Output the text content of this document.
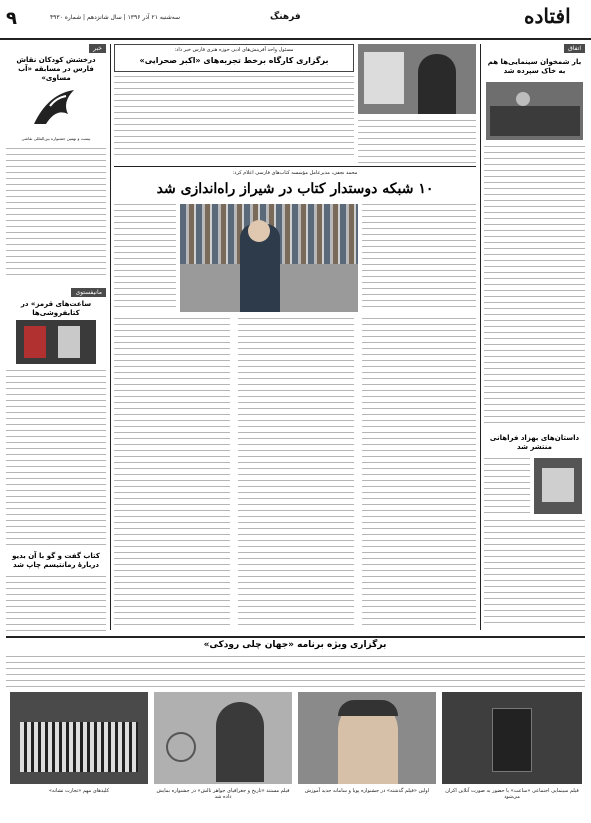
۹	سه‌شنبه ۲۱ آذر ۱۳۹۶ | سال شانزدهم | شماره ۴۹۳۰	فرهنگ	افتاده
خبر
درخشش کودکان نقاش فارس در مسابقه «آب مساوی»
بیست و نهمین جشنواره بین‌المللی نقاشی
مانیفستوی
ساعت‌های قرمز» در کتابفروشی‌ها
کتاب گفت و گو با آن بدیو دربارهٔ رمانتیسم چاپ شد
مسئول واحد آفرینش‌های ادبی حوزه هنری فارس خبر داد:
برگزاری کارگاه برخط تجربه‌های «اکبر صحرایی»
اتفاق
بار شمخوان سینمایی‌ها هم به خاک سپرده شد
داستان‌های بهزاد فراهانی منتشر شد
محمد نجفی، مدیرعامل مؤسسه کتاب‌های فارسی اعلام کرد:
۱۰ شبکه دوستدار کتاب در شیراز راه‌اندازی شد
برگزاری ویژه برنامه «جهان چلی رودکی»
کلیدهای مهم «تجارت نشانه»	فیلم مستند «تاریخ و جغرافیای جواهر تالش» در جشنواره نمایش داده شد
اولین «فیلم گذشته» در جشنواره پویا و سامانه جدید آموزش	فیلم سینمایی اجتماعی «ساعت» با حضور به صورت آنلاین اکران می‌شود
